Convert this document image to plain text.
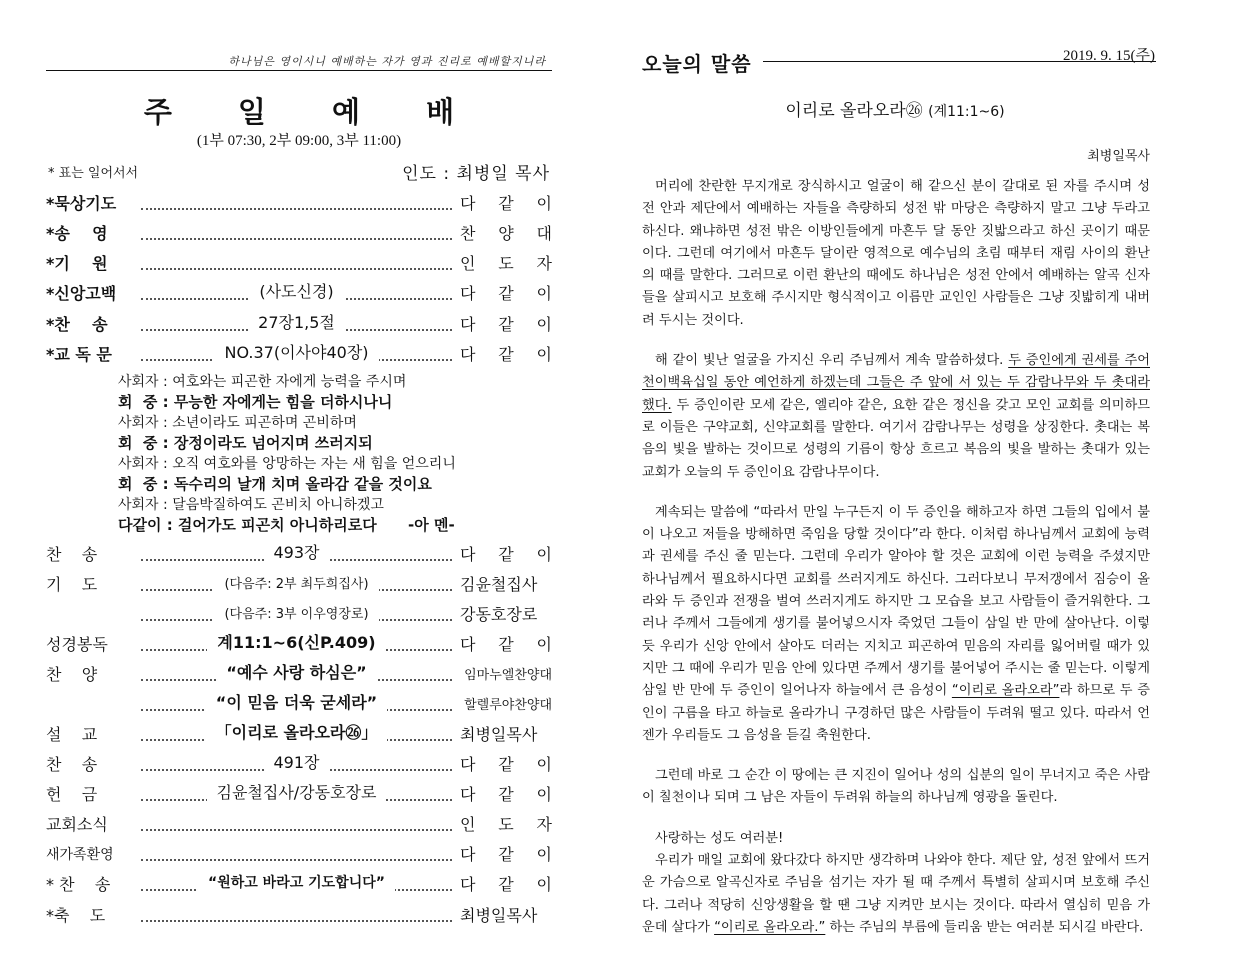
하나님은 영이시니 예배하는 자가 영과 진리로 예배할지니라
주 일 예 배
(1부 07:30, 2부 09:00, 3부 11:00)
* 표는 일어서서	인도 : 최병일 목사
*묵상기도	다 같 이
*송    영	찬 양 대
*기    원	인 도 자
*신앙고백	(사도신경)	다 같 이
*찬    송	27장1,5절	다 같 이
*교 독 문	NO.37(이사야40장)	다 같 이
사회자 : 여호와는 피곤한 자에게 능력을 주시며
회  중 : 무능한 자에게는 힘을 더하시나니
사회자 : 소년이라도 피곤하며 곤비하며
회  중 : 장정이라도 넘어지며 쓰러지되
사회자 : 오직 여호와를 앙망하는 자는 새 힘을 얻으리니
회  중 : 독수리의 날개 치며 올라감 같을 것이요
사회자 : 달음박질하여도 곤비치 아니하겠고
다같이 : 걸어가도 피곤치 아니하리로다      -아 멘-
찬    송	493장	다 같 이
기    도	(다음주: 2부 최두희집사)	김윤철집사
(다음주: 3부 이우영장로)	강동호장로
성경봉독	계11:1~6(신P.409)	다 같 이
찬    양	“예수 사랑 하심은”	임마누엘찬양대
“이 믿음 더욱 굳세라”	할렐루야찬양대
설    교	「이리로 올라오라㉖」	최병일목사
찬    송	491장	다 같 이
헌    금	김윤철집사/강동호장로	다 같 이
교회소식	인 도 자
새가족환영	다 같 이
* 찬    송	“원하고 바라고 기도합니다”	다 같 이
*축    도	최병일목사
오늘의 말씀	2019. 9. 15(주)
이리로 올라오라㉖ (계11:1~6)
최병일목사

머리에 찬란한 무지개로 장식하시고 얼굴이 해 같으신 분이 갈대로 된 자를 주시며 성전 안과 제단에서 예배하는 자들을 측량하되 성전 밖 마당은 측량하지 말고 그냥 두라고 하신다. 왜냐하면 성전 밖은 이방인들에게 마흔두 달 동안 짓밟으라고 하신 곳이기 때문이다. 그런데 여기에서 마흔두 달이란 영적으로 예수님의 초림 때부터 재림 사이의 환난의 때를 말한다. 그러므로 이런 환난의 때에도 하나님은 성전 안에서 예배하는 알곡 신자들을 살피시고 보호해 주시지만 형식적이고 이름만 교인인 사람들은 그냥 짓밟히게 내버려 두시는 것이다.

해 같이 빛난 얼굴을 가지신 우리 주님께서 계속 말씀하셨다. 두 증인에게 권세를 주어 천이백육십일 동안 예언하게 하겠는데 그들은 주 앞에 서 있는 두 감람나무와 두 촛대라 했다. 두 증인이란 모세 같은, 엘리야 같은, 요한 같은 정신을 갖고 모인 교회를 의미하므로 이들은 구약교회, 신약교회를 말한다. 여기서 감람나무는 성령을 상징한다. 촛대는 복음의 빛을 발하는 것이므로 성령의 기름이 항상 흐르고 복음의 빛을 발하는 촛대가 있는 교회가 오늘의 두 증인이요 감람나무이다.

계속되는 말씀에 “따라서 만일 누구든지 이 두 증인을 해하고자 하면 그들의 입에서 불이 나오고 저들을 방해하면 죽임을 당할 것이다”라 한다. 이처럼 하나님께서 교회에 능력과 권세를 주신 줄 믿는다. 그런데 우리가 알아야 할 것은 교회에 이런 능력을 주셨지만 하나님께서 필요하시다면 교회를 쓰러지게도 하신다. 그러다보니 무저갱에서 짐승이 올라와 두 증인과 전쟁을 벌여 쓰러지게도 하지만 그 모습을 보고 사람들이 즐거워한다. 그러나 주께서 그들에게 생기를 불어넣으시자 죽었던 그들이 삼일 반 만에 살아난다. 이렇듯 우리가 신앙 안에서 살아도 더러는 지치고 피곤하여 믿음의 자리를 잃어버릴 때가 있지만 그 때에 우리가 믿음 안에 있다면 주께서 생기를 불어넣어 주시는 줄 믿는다. 이렇게 삼일 반 만에 두 증인이 일어나자 하늘에서 큰 음성이 “이리로 올라오라”라 하므로 두 증인이 구름을 타고 하늘로 올라가니 구경하던 많은 사람들이 두려워 떨고 있다. 따라서 언젠가 우리들도 그 음성을 듣길 축원한다.

그런데 바로 그 순간 이 땅에는 큰 지진이 일어나 성의 십분의 일이 무너지고 죽은 사람이 칠천이나 되며 그 남은 자들이 두려워 하늘의 하나님께 영광을 돌린다.

사랑하는 성도 여러분!

우리가 매일 교회에 왔다갔다 하지만 생각하며 나와야 한다. 제단 앞, 성전 앞에서 뜨거운 가슴으로 알곡신자로 주님을 섬기는 자가 될 때 주께서 특별히 살피시며 보호해 주신다. 그러나 적당히 신앙생활을 할 땐 그냥 지켜만 보시는 것이다. 따라서 열심히 믿음 가운데 살다가 “이리로 올라오라.” 하는 주님의 부름에 들리움 받는 여러분 되시길 바란다.
